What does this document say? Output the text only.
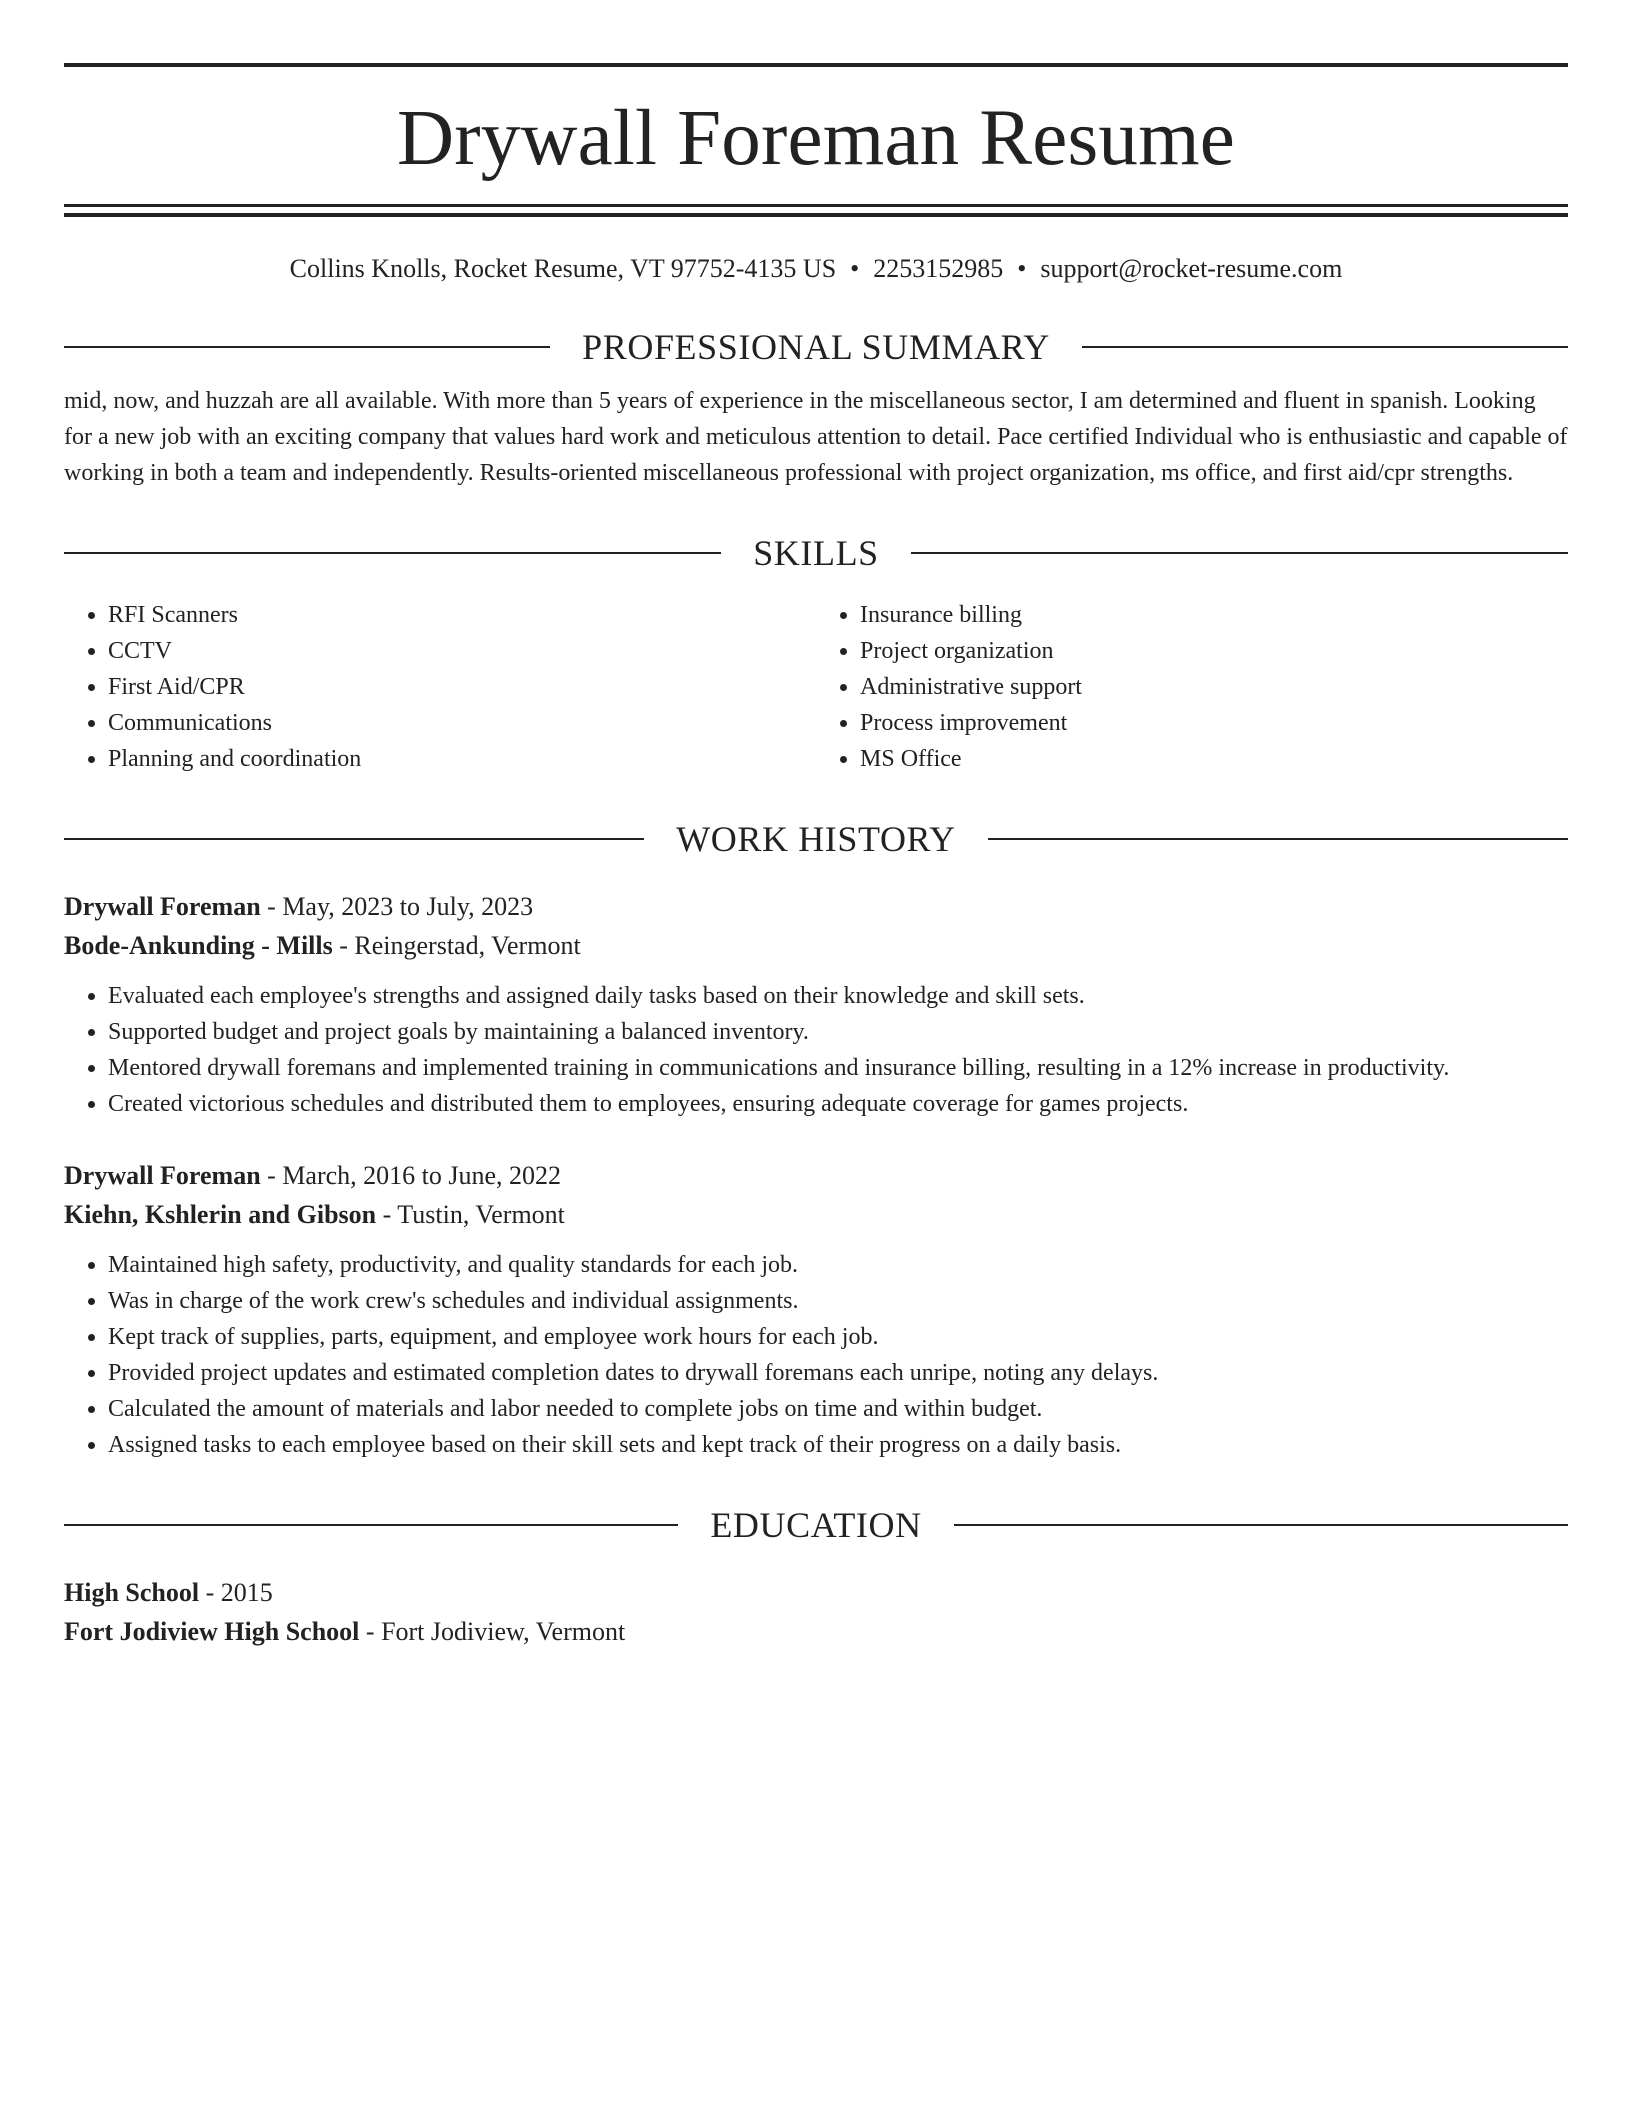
Drywall Foreman Resume
Collins Knolls, Rocket Resume, VT 97752-4135 US • 2253152985 • support@rocket-resume.com
PROFESSIONAL SUMMARY
mid, now, and huzzah are all available. With more than 5 years of experience in the miscellaneous sector, I am determined and fluent in spanish. Looking for a new job with an exciting company that values hard work and meticulous attention to detail. Pace certified Individual who is enthusiastic and capable of working in both a team and independently. Results-oriented miscellaneous professional with project organization, ms office, and first aid/cpr strengths.
SKILLS
• RFI Scanners
• CCTV
• First Aid/CPR
• Communications
• Planning and coordination
• Insurance billing
• Project organization
• Administrative support
• Process improvement
• MS Office
WORK HISTORY
Drywall Foreman - May, 2023 to July, 2023
Bode-Ankunding - Mills - Reingerstad, Vermont
• Evaluated each employee's strengths and assigned daily tasks based on their knowledge and skill sets.
• Supported budget and project goals by maintaining a balanced inventory.
• Mentored drywall foremans and implemented training in communications and insurance billing, resulting in a 12% increase in productivity.
• Created victorious schedules and distributed them to employees, ensuring adequate coverage for games projects.
Drywall Foreman - March, 2016 to June, 2022
Kiehn, Kshlerin and Gibson - Tustin, Vermont
• Maintained high safety, productivity, and quality standards for each job.
• Was in charge of the work crew's schedules and individual assignments.
• Kept track of supplies, parts, equipment, and employee work hours for each job.
• Provided project updates and estimated completion dates to drywall foremans each unripe, noting any delays.
• Calculated the amount of materials and labor needed to complete jobs on time and within budget.
• Assigned tasks to each employee based on their skill sets and kept track of their progress on a daily basis.
EDUCATION
High School - 2015
Fort Jodiview High School - Fort Jodiview, Vermont
